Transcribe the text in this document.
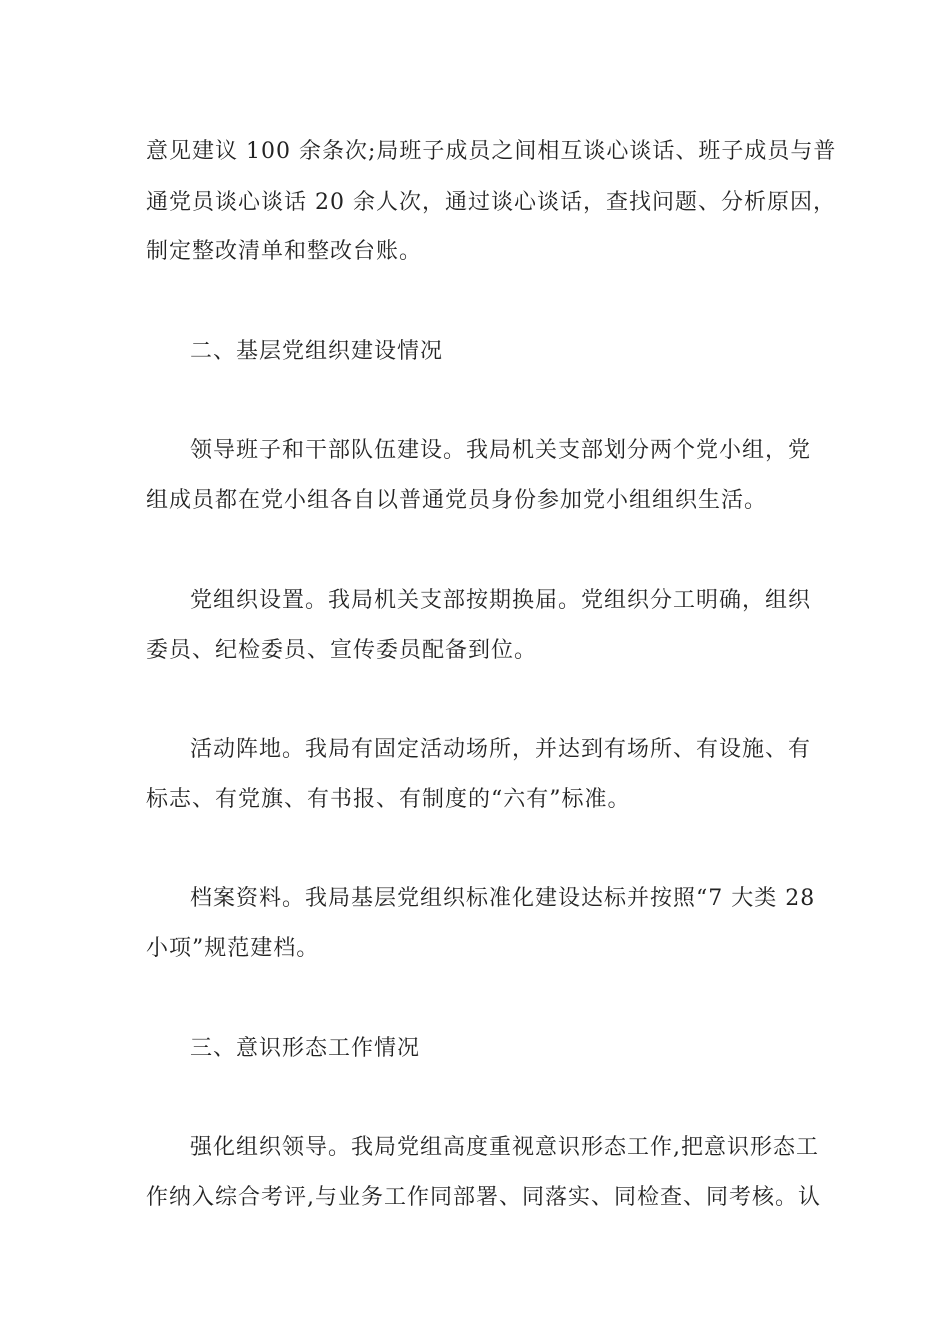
意见建议 100 余条次;局班子成员之间相互谈心谈话、班子成员与普
通党员谈心谈话 20 余人次，通过谈心谈话，查找问题、分析原因，
制定整改清单和整改台账。
二、基层党组织建设情况
领导班子和干部队伍建设。我局机关支部划分两个党小组，党
组成员都在党小组各自以普通党员身份参加党小组组织生活。
党组织设置。我局机关支部按期换届。党组织分工明确，组织
委员、纪检委员、宣传委员配备到位。
活动阵地。我局有固定活动场所，并达到有场所、有设施、有
标志、有党旗、有书报、有制度的“六有”标准。
档案资料。我局基层党组织标准化建设达标并按照“7 大类 28
小项”规范建档。
三、意识形态工作情况
强化组织领导。我局党组高度重视意识形态工作,把意识形态工
作纳入综合考评,与业务工作同部署、同落实、同检查、同考核。认
